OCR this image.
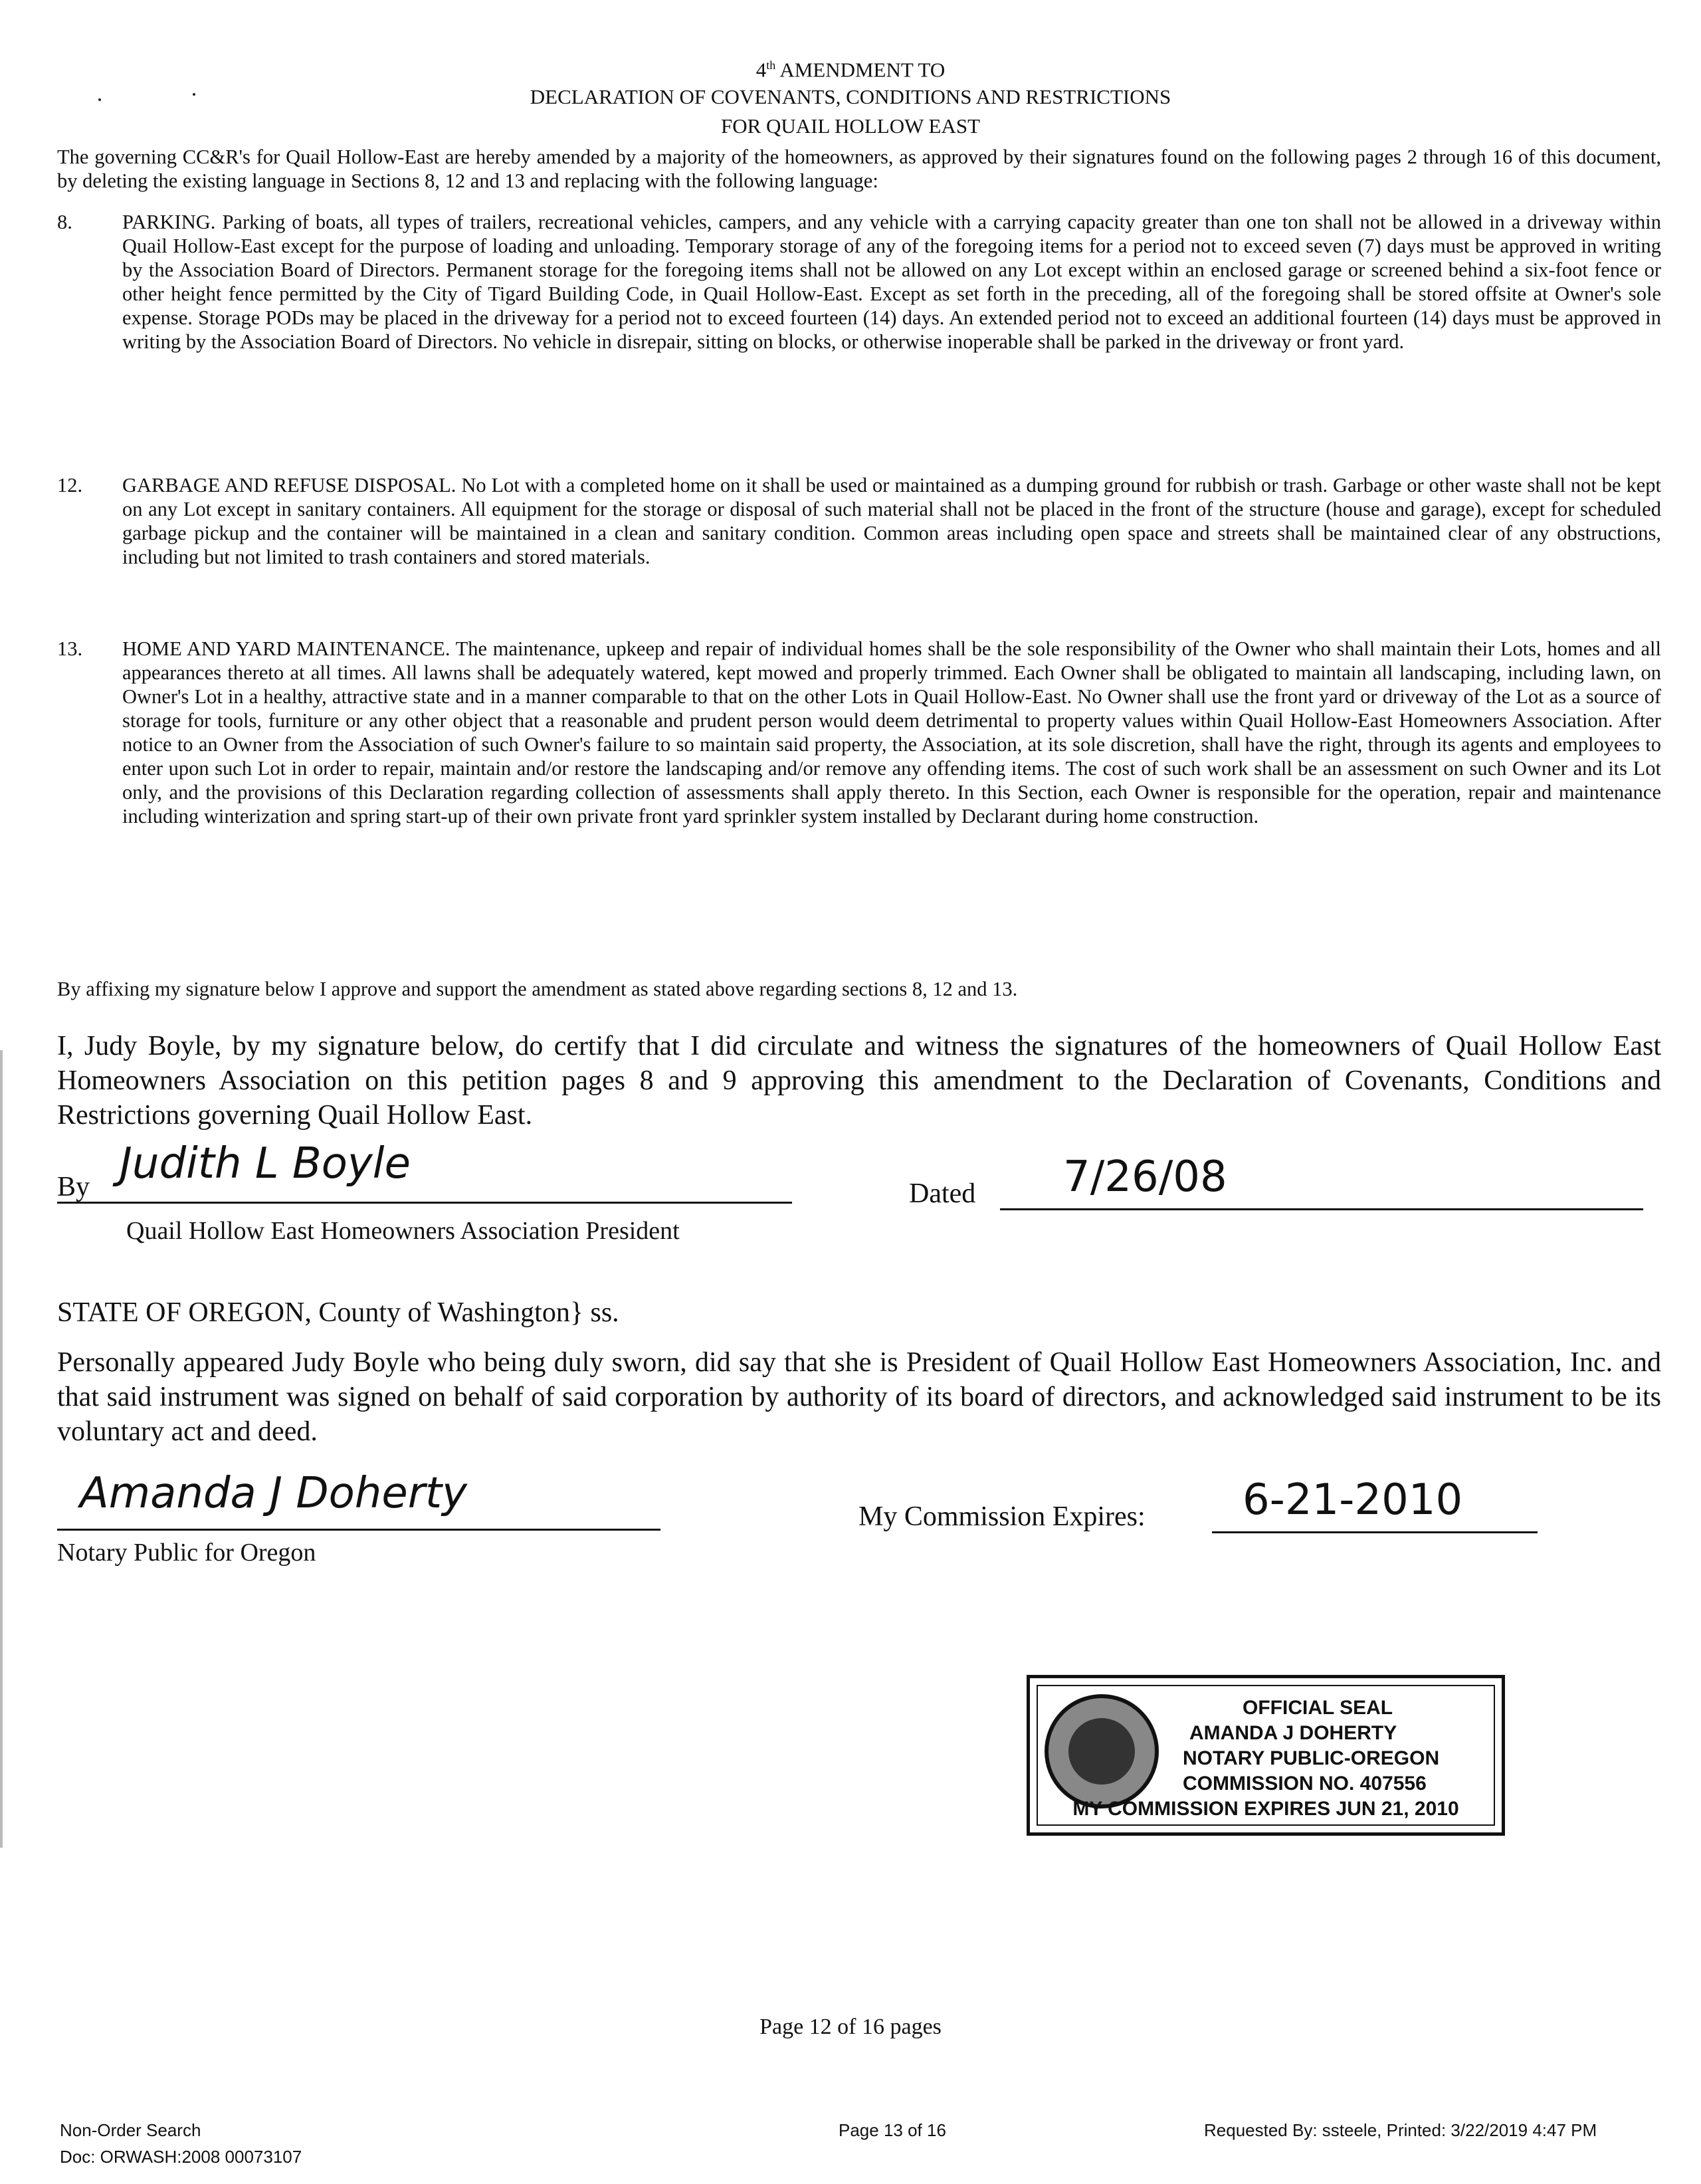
4th AMENDMENT TO
DECLARATION OF COVENANTS, CONDITIONS AND RESTRICTIONS
FOR QUAIL HOLLOW EAST
The governing CC&R's for Quail Hollow-East are hereby amended by a majority of the homeowners, as approved by their signatures found on the following pages 2 through 16 of this document, by deleting the existing language in Sections 8, 12 and 13 and replacing with the following language:
8.	PARKING. Parking of boats, all types of trailers, recreational vehicles, campers, and any vehicle with a carrying capacity greater than one ton shall not be allowed in a driveway within Quail Hollow-East except for the purpose of loading and unloading. Temporary storage of any of the foregoing items for a period not to exceed seven (7) days must be approved in writing by the Association Board of Directors. Permanent storage for the foregoing items shall not be allowed on any Lot except within an enclosed garage or screened behind a six-foot fence or other height fence permitted by the City of Tigard Building Code, in Quail Hollow-East. Except as set forth in the preceding, all of the foregoing shall be stored offsite at Owner's sole expense. Storage PODs may be placed in the driveway for a period not to exceed fourteen (14) days. An extended period not to exceed an additional fourteen (14) days must be approved in writing by the Association Board of Directors. No vehicle in disrepair, sitting on blocks, or otherwise inoperable shall be parked in the driveway or front yard.
12.	GARBAGE AND REFUSE DISPOSAL. No Lot with a completed home on it shall be used or maintained as a dumping ground for rubbish or trash. Garbage or other waste shall not be kept on any Lot except in sanitary containers. All equipment for the storage or disposal of such material shall not be placed in the front of the structure (house and garage), except for scheduled garbage pickup and the container will be maintained in a clean and sanitary condition. Common areas including open space and streets shall be maintained clear of any obstructions, including but not limited to trash containers and stored materials.
13.	HOME AND YARD MAINTENANCE. The maintenance, upkeep and repair of individual homes shall be the sole responsibility of the Owner who shall maintain their Lots, homes and all appearances thereto at all times. All lawns shall be adequately watered, kept mowed and properly trimmed. Each Owner shall be obligated to maintain all landscaping, including lawn, on Owner's Lot in a healthy, attractive state and in a manner comparable to that on the other Lots in Quail Hollow-East. No Owner shall use the front yard or driveway of the Lot as a source of storage for tools, furniture or any other object that a reasonable and prudent person would deem detrimental to property values within Quail Hollow-East Homeowners Association. After notice to an Owner from the Association of such Owner's failure to so maintain said property, the Association, at its sole discretion, shall have the right, through its agents and employees to enter upon such Lot in order to repair, maintain and/or restore the landscaping and/or remove any offending items. The cost of such work shall be an assessment on such Owner and its Lot only, and the provisions of this Declaration regarding collection of assessments shall apply thereto. In this Section, each Owner is responsible for the operation, repair and maintenance including winterization and spring start-up of their own private front yard sprinkler system installed by Declarant during home construction.
By affixing my signature below I approve and support the amendment as stated above regarding sections 8, 12 and 13.
I, Judy Boyle, by my signature below, do certify that I did circulate and witness the signatures of the homeowners of Quail Hollow East Homeowners Association on this petition pages 8 and 9 approving this amendment to the Declaration of Covenants, Conditions and Restrictions governing Quail Hollow East.
By Judith L Boyle
Quail Hollow East Homeowners Association President
Dated 7/26/08
STATE OF OREGON, County of Washington} ss.
Personally appeared Judy Boyle who being duly sworn, did say that she is President of Quail Hollow East Homeowners Association, Inc. and that said instrument was signed on behalf of said corporation by authority of its board of directors, and acknowledged said instrument to be its voluntary act and deed.
Amanda J Doherty
Notary Public for Oregon
My Commission Expires: 6-21-2010
OFFICIAL SEAL
AMANDA J DOHERTY
NOTARY PUBLIC-OREGON
COMMISSION NO. 407556
MY COMMISSION EXPIRES JUN 21, 2010
Page 12 of 16 pages
Non-Order Search
Doc: ORWASH:2008 00073107
Page 13 of 16	Requested By: ssteele, Printed: 3/22/2019 4:47 PM
